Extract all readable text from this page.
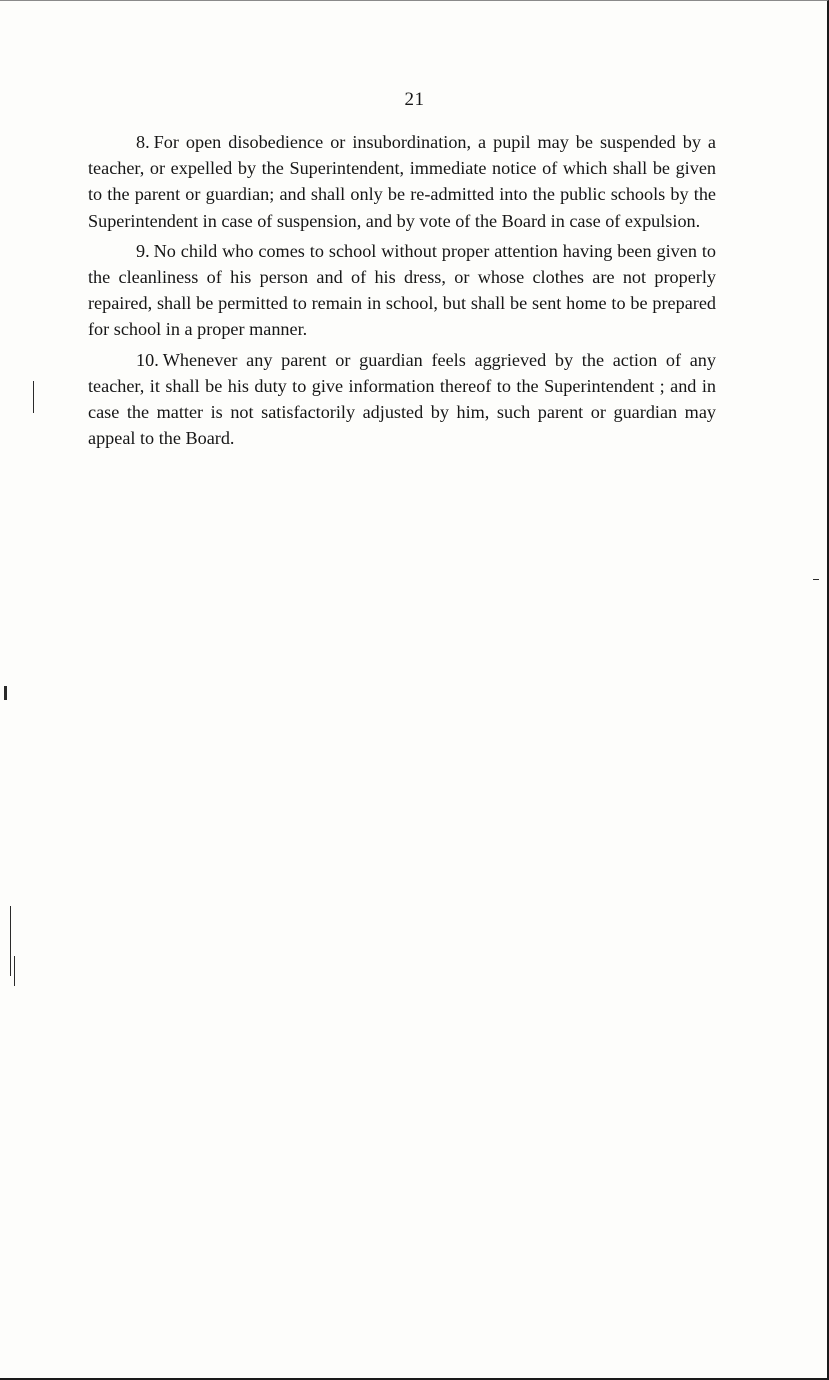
21

8. For open disobedience or insubordination, a pupil may be suspended by a teacher, or expelled by the Superintendent, immediate notice of which shall be given to the parent or guardian; and shall only be re-admitted into the public schools by the Superintendent in case of suspension, and by vote of the Board in case of expulsion.

9. No child who comes to school without proper attention having been given to the cleanliness of his person and of his dress, or whose clothes are not properly repaired, shall be permitted to remain in school, but shall be sent home to be prepared for school in a proper manner.

10. Whenever any parent or guardian feels aggrieved by the action of any teacher, it shall be his duty to give information thereof to the Superintendent ; and in case the matter is not satisfactorily adjusted by him, such parent or guardian may appeal to the Board.
